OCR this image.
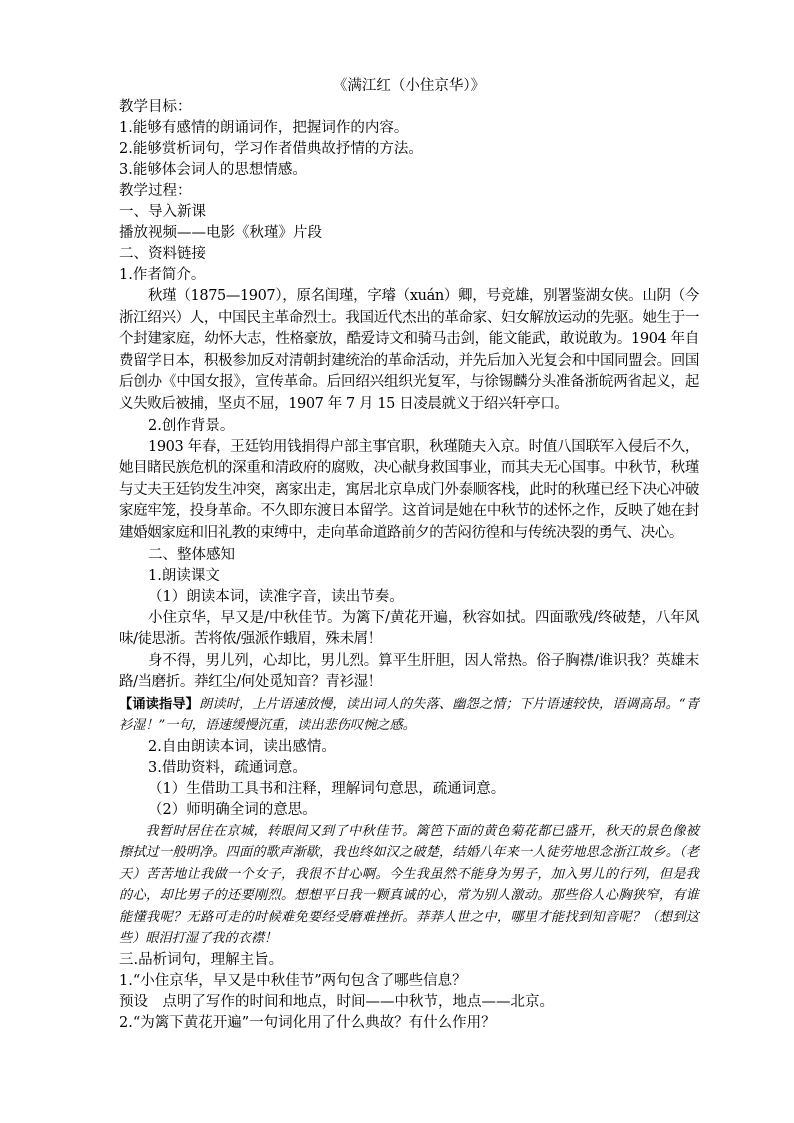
《满江红（小住京华）》

教学目标：

1.能够有感情的朗诵词作，把握词作的内容。

2.能够赏析词句，学习作者借典故抒情的方法。

3.能够体会词人的思想情感。

教学过程：

一、导入新课

播放视频——电影《秋瑾》片段

二、资料链接

1.作者简介。

秋瑾（1875—1907），原名闺瑾，字璿（xuán）卿，号竞雄，别署鉴湖女侠。山阴（今浙江绍兴）人，中国民主革命烈士。我国近代杰出的革命家、妇女解放运动的先驱。她生于一个封建家庭，幼怀大志，性格豪放，酷爱诗文和骑马击剑，能文能武，敢说敢为。1904 年自费留学日本，积极参加反对清朝封建统治的革命活动，并先后加入光复会和中国同盟会。回国后创办《中国女报》，宣传革命。后回绍兴组织光复军，与徐锡麟分头准备浙皖两省起义，起义失败后被捕，坚贞不屈，1907 年 7 月 15 日凌晨就义于绍兴轩亭口。

2.创作背景。

1903 年春，王廷钧用钱捐得户部主事官职，秋瑾随夫入京。时值八国联军入侵后不久，她目睹民族危机的深重和清政府的腐败，决心献身救国事业，而其夫无心国事。中秋节，秋瑾与丈夫王廷钧发生冲突，离家出走，寓居北京阜成门外泰顺客栈，此时的秋瑾已经下决心冲破家庭牢笼，投身革命。不久即东渡日本留学。这首词是她在中秋节的述怀之作，反映了她在封建婚姻家庭和旧礼教的束缚中，走向革命道路前夕的苦闷彷徨和与传统决裂的勇气、决心。

二、整体感知

1.朗读课文

（1）朗读本词，读准字音，读出节奏。

小住京华，早又是/中秋佳节。为篱下/黄花开遍，秋容如拭。四面歌残/终破楚，八年风味/徒思浙。苦将侬/强派作蛾眉，殊未屑！

身不得，男儿列，心却比，男儿烈。算平生肝胆，因人常热。俗子胸襟/谁识我？英雄末路/当磨折。莽红尘/何处觅知音？青衫湿！

【诵读指导】朗读时，上片语速放慢，读出词人的失落、幽怨之情；下片语速较快，语调高昂。“青衫湿！”一句，语速缓慢沉重，读出悲伤叹惋之感。

2.自由朗读本词，读出感情。

3.借助资料，疏通词意。

（1）生借助工具书和注释，理解词句意思，疏通词意。

（2）师明确全词的意思。

我暂时居住在京城，转眼间又到了中秋佳节。篱笆下面的黄色菊花都已盛开，秋天的景色像被擦拭过一般明净。四面的歌声渐歇，我也终如汉之破楚，结婚八年来一人徒劳地思念浙江故乡。（老天）苦苦地让我做一个女子，我很不甘心啊。今生我虽然不能身为男子，加入男儿的行列，但是我的心，却比男子的还要刚烈。想想平日我一颗真诚的心，常为别人激动。那些俗人心胸狭窄，有谁能懂我呢？无路可走的时候难免要经受磨难挫折。莽莽人世之中，哪里才能找到知音呢？（想到这些）眼泪打湿了我的衣襟！

三.品析词句，理解主旨。

1.“小住京华，早又是中秋佳节”两句包含了哪些信息？

预设　点明了写作的时间和地点，时间——中秋节，地点——北京。

2.“为篱下黄花开遍”一句词化用了什么典故？有什么作用？
